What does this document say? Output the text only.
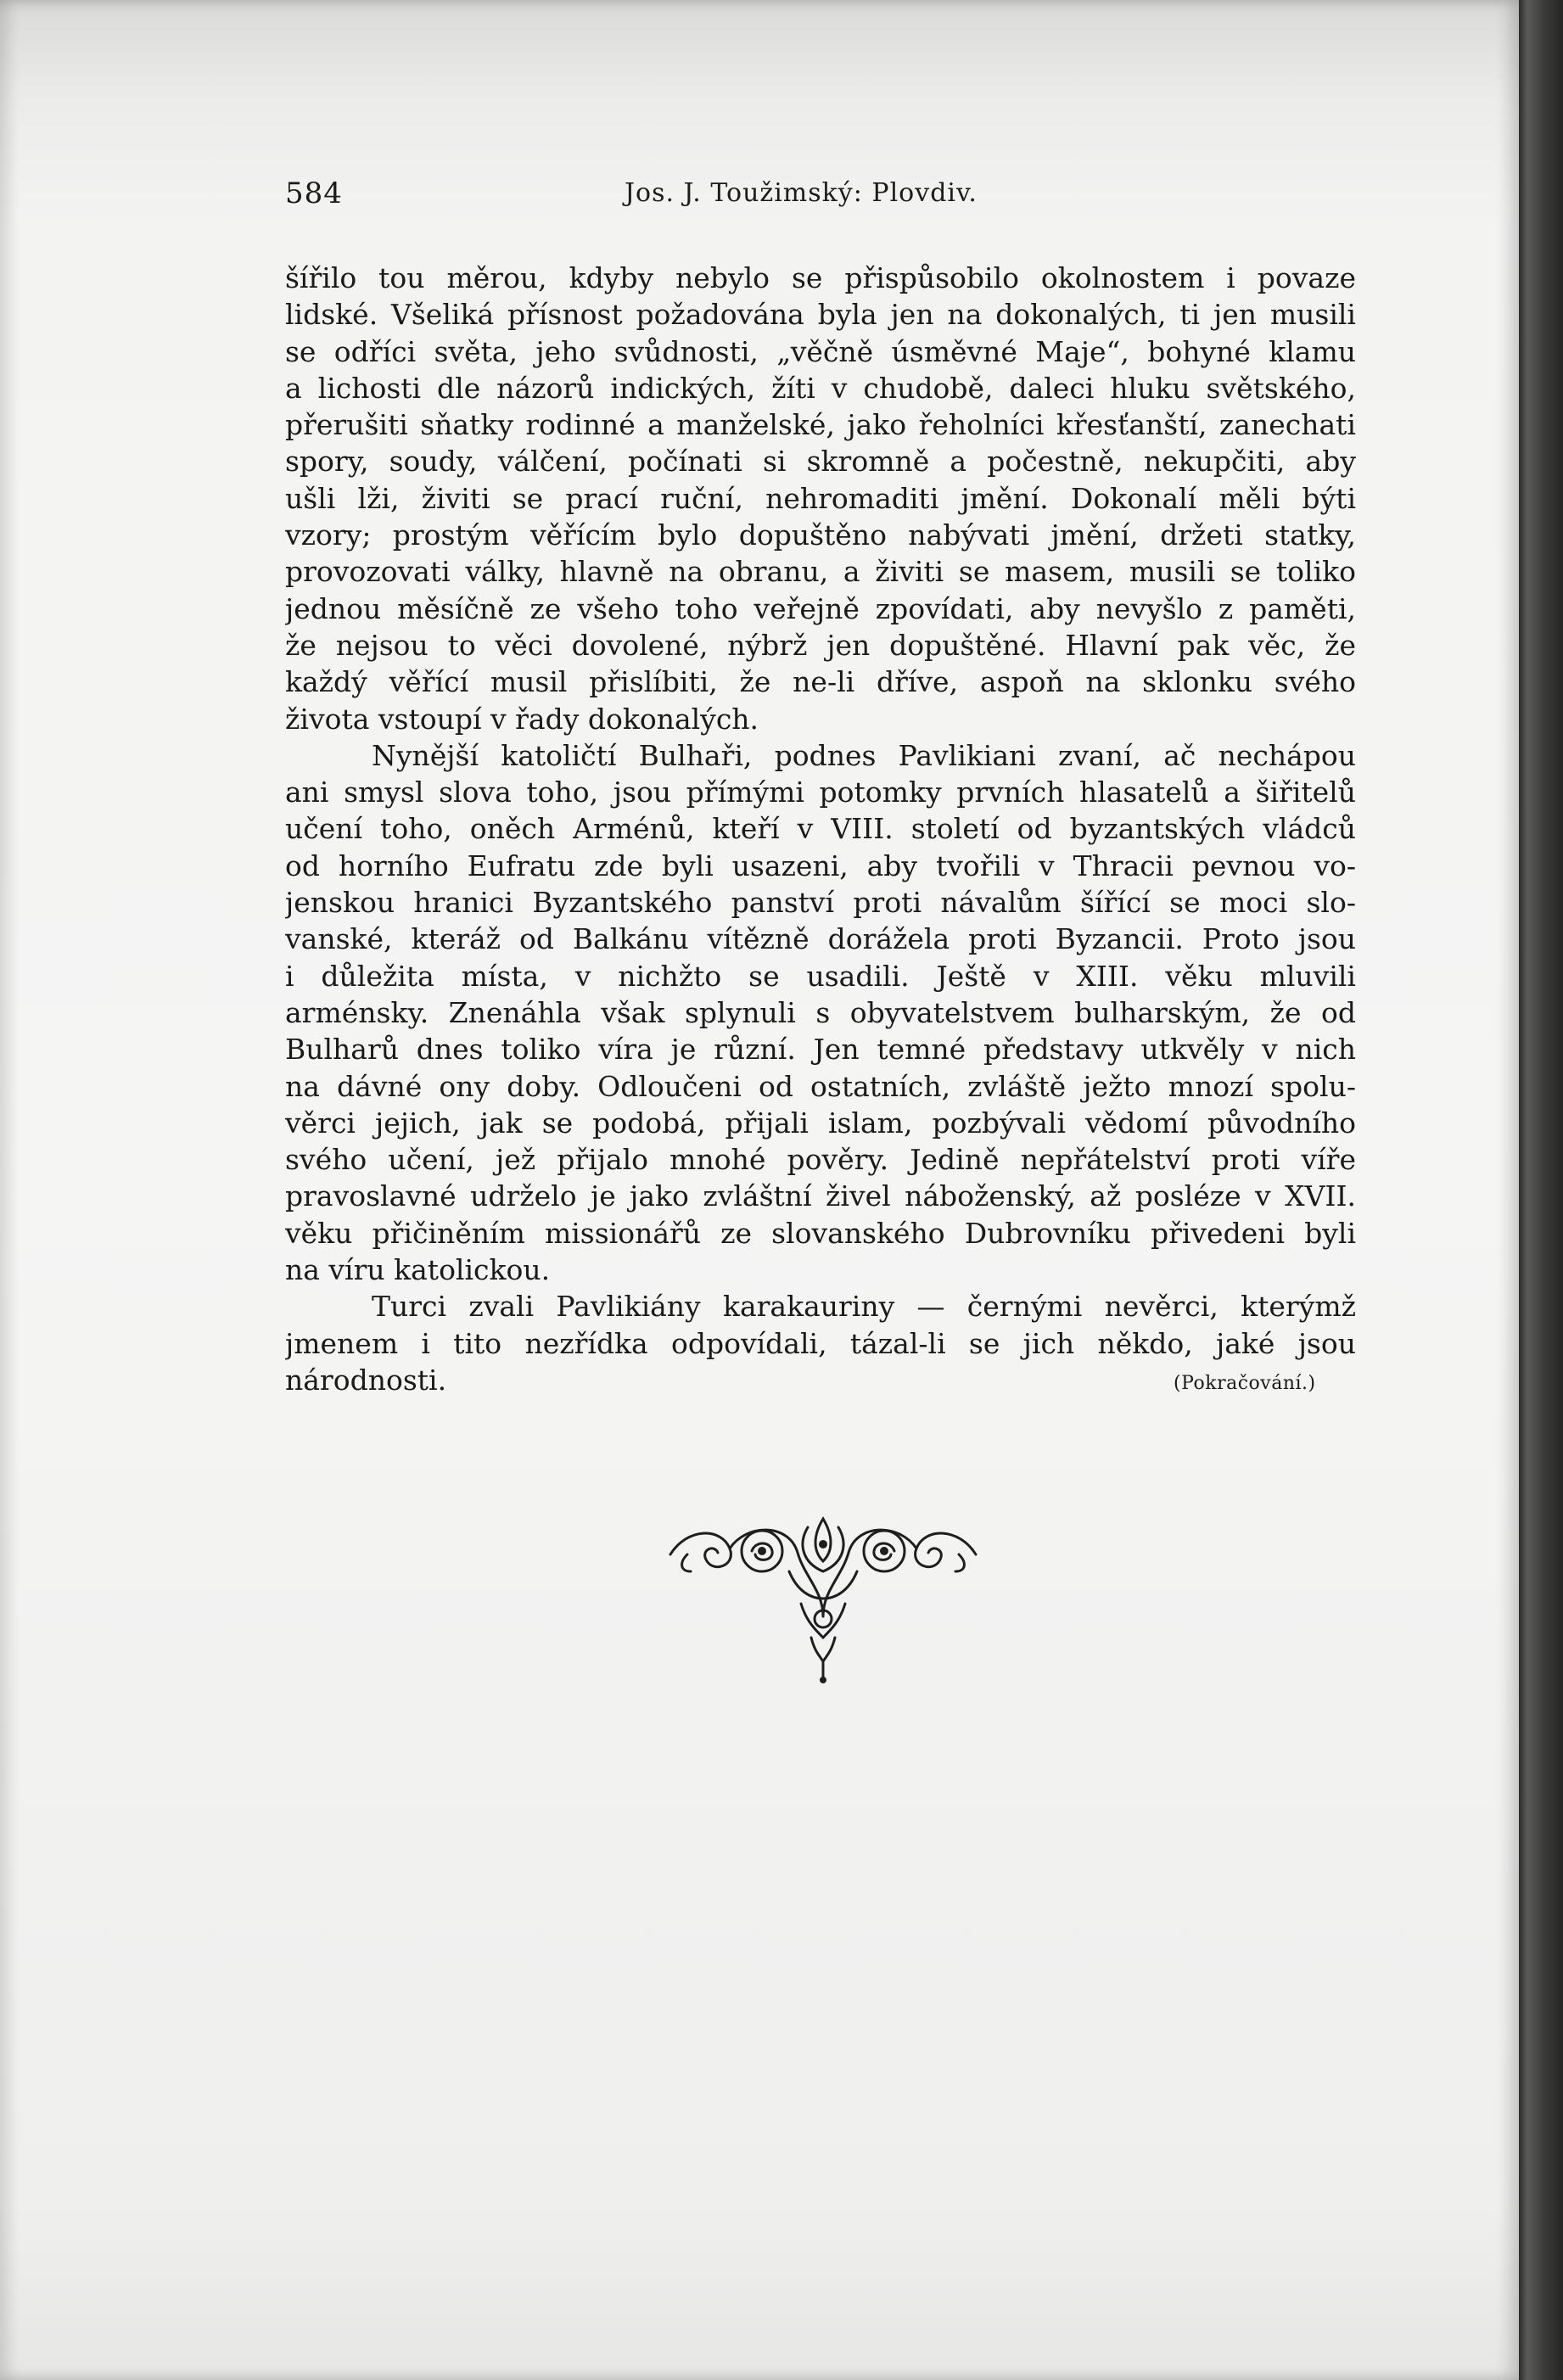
584	Jos. J. Toužimský: Plovdiv.
šířilo tou měrou, kdyby nebylo se přispůsobilo okolnostem i povaze
lidské. Všeliká přísnost požadována byla jen na dokonalých, ti jen musili
se odříci světa, jeho svůdnosti, „věčně úsměvné Maje“, bohyné klamu
a lichosti dle názorů indických, žíti v chudobě, daleci hluku světského,
přerušiti sňatky rodinné a manželské, jako řeholníci křesťanští, zanechati
spory, soudy, válčení, počínati si skromně a počestně, nekupčiti, aby
ušli lži, živiti se prací ruční, nehromaditi jmění. Dokonalí měli býti
vzory; prostým věřícím bylo dopuštěno nabývati jmění, držeti statky,
provozovati války, hlavně na obranu, a živiti se masem, musili se toliko
jednou měsíčně ze všeho toho veřejně zpovídati, aby nevyšlo z paměti,
že nejsou to věci dovolené, nýbrž jen dopuštěné. Hlavní pak věc, že
každý věřící musil přislíbiti, že ne-li dříve, aspoň na sklonku svého
života vstoupí v řady dokonalých.
Nynější katoličtí Bulhaři, podnes Pavlikiani zvaní, ač nechápou
ani smysl slova toho, jsou přímými potomky prvních hlasatelů a šiřitelů
učení toho, oněch Arménů, kteří v VIII. století od byzantských vládců
od horního Eufratu zde byli usazeni, aby tvořili v Thracii pevnou vo-
jenskou hranici Byzantského panství proti návalům šířící se moci slo-
vanské, kteráž od Balkánu vítězně dorážela proti Byzancii. Proto jsou
i důležita místa, v nichžto se usadili. Ještě v XIII. věku mluvili
arménsky. Znenáhla však splynuli s obyvatelstvem bulharským, že od
Bulharů dnes toliko víra je různí. Jen temné představy utkvěly v nich
na dávné ony doby. Odloučeni od ostatních, zvláště ježto mnozí spolu-
věrci jejich, jak se podobá, přijali islam, pozbývali vědomí původního
svého učení, jež přijalo mnohé pověry. Jedině nepřátelství proti víře
pravoslavné udrželo je jako zvláštní živel náboženský, až posléze v XVII.
věku přičiněním missionářů ze slovanského Dubrovníku přivedeni byli
na víru katolickou.
Turci zvali Pavlikiány karakauriny — černými nevěrci, kterýmž
jmenem i tito nezřídka odpovídali, tázal-li se jich někdo, jaké jsou
národnosti.	(Pokračování.)
